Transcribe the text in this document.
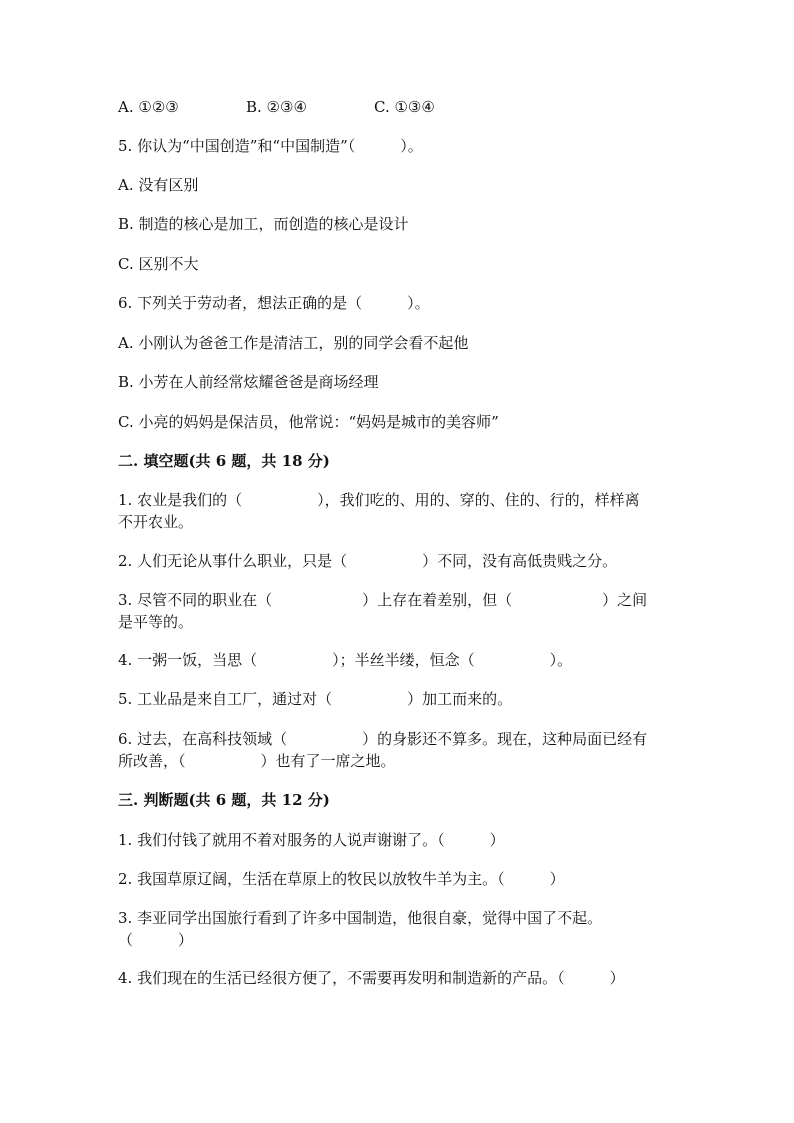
A. ①②③	B. ②③④	C. ①③④
5. 你认为“中国创造”和“中国制造”（　　　）。
A. 没有区别
B. 制造的核心是加工，而创造的核心是设计
C. 区别不大
6. 下列关于劳动者，想法正确的是（　　　）。
A. 小刚认为爸爸工作是清洁工，别的同学会看不起他
B. 小芳在人前经常炫耀爸爸是商场经理
C. 小亮的妈妈是保洁员，他常说：“妈妈是城市的美容师”
二. 填空题(共 6 题，共 18 分)
1. 农业是我们的（　　　　　），我们吃的、用的、穿的、住的、行的，样样离
不开农业。
2. 人们无论从事什么职业，只是（　　　　　）不同，没有高低贵贱之分。
3. 尽管不同的职业在（　　　　　　）上存在着差别，但（　　　　　　）之间
是平等的。
4. 一粥一饭，当思（　　　　　）；半丝半缕，恒念（　　　　　）。
5. 工业品是来自工厂，通过对（　　　　　）加工而来的。
6. 过去，在高科技领域（　　　　　）的身影还不算多。现在，这种局面已经有
所改善，（　　　　　）也有了一席之地。
三. 判断题(共 6 题，共 12 分)
1. 我们付钱了就用不着对服务的人说声谢谢了。（　　　）
2. 我国草原辽阔，生活在草原上的牧民以放牧牛羊为主。（　　　）
3. 李亚同学出国旅行看到了许多中国制造，他很自豪，觉得中国了不起。
（　　　）
4. 我们现在的生活已经很方便了，不需要再发明和制造新的产品。（　　　）
